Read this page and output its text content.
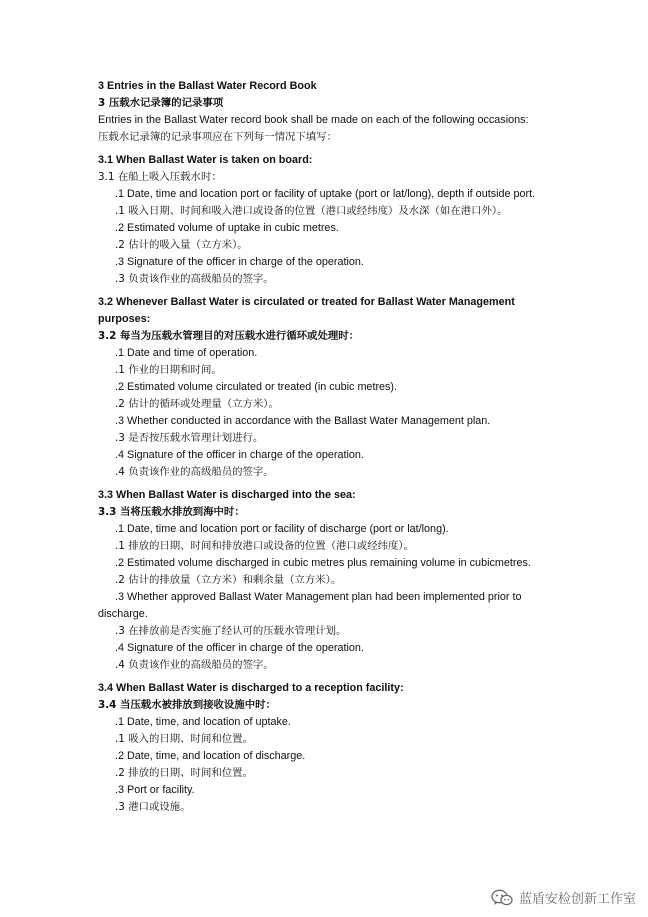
3 Entries in the Ballast Water Record Book
3 压载水记录簿的记录事项
Entries in the Ballast Water record book shall be made on each of the following occasions:
压载水记录簿的记录事项应在下列每一情况下填写：
3.1 When Ballast Water is taken on board:
3.1 在船上吸入压载水时：
.1 Date, time and location port or facility of uptake (port or lat/long), depth if outside port.
.1 吸入日期、时间和吸入港口或设备的位置（港口或经纬度）及水深（如在港口外）。
.2 Estimated volume of uptake in cubic metres.
.2 估计的吸入量（立方米）。
.3 Signature of the officer in charge of the operation.
.3 负责该作业的高级船员的签字。
3.2 Whenever Ballast Water is circulated or treated for Ballast Water Management purposes:
3.2 每当为压载水管理目的对压载水进行循环或处理时：
.1 Date and time of operation.
.1 作业的日期和时间。
.2 Estimated volume circulated or treated (in cubic metres).
.2 估计的循环或处理量（立方米）。
.3 Whether conducted in accordance with the Ballast Water Management plan.
.3 是否按压载水管理计划进行。
.4 Signature of the officer in charge of the operation.
.4 负责该作业的高级船员的签字。
3.3 When Ballast Water is discharged into the sea:
3.3 当将压载水排放到海中时：
.1 Date, time and location port or facility of discharge (port or lat/long).
.1 排放的日期、时间和排放港口或设备的位置（港口或经纬度）。
.2 Estimated volume discharged in cubic metres plus remaining volume in cubicmetres.
.2 估计的排放量（立方米）和剩余量（立方米）。
.3 Whether approved Ballast Water Management plan had been implemented prior to discharge.
.3 在排放前是否实施了经认可的压载水管理计划。
.4 Signature of the officer in charge of the operation.
.4 负责该作业的高级船员的签字。
3.4 When Ballast Water is discharged to a reception facility:
3.4 当压载水被排放到接收设施中时：
.1 Date, time, and location of uptake.
.1 吸入的日期、时间和位置。
.2 Date, time, and location of discharge.
.2 排放的日期、时间和位置。
.3 Port or facility.
.3 港口或设施。
蓝盾安检创新工作室
